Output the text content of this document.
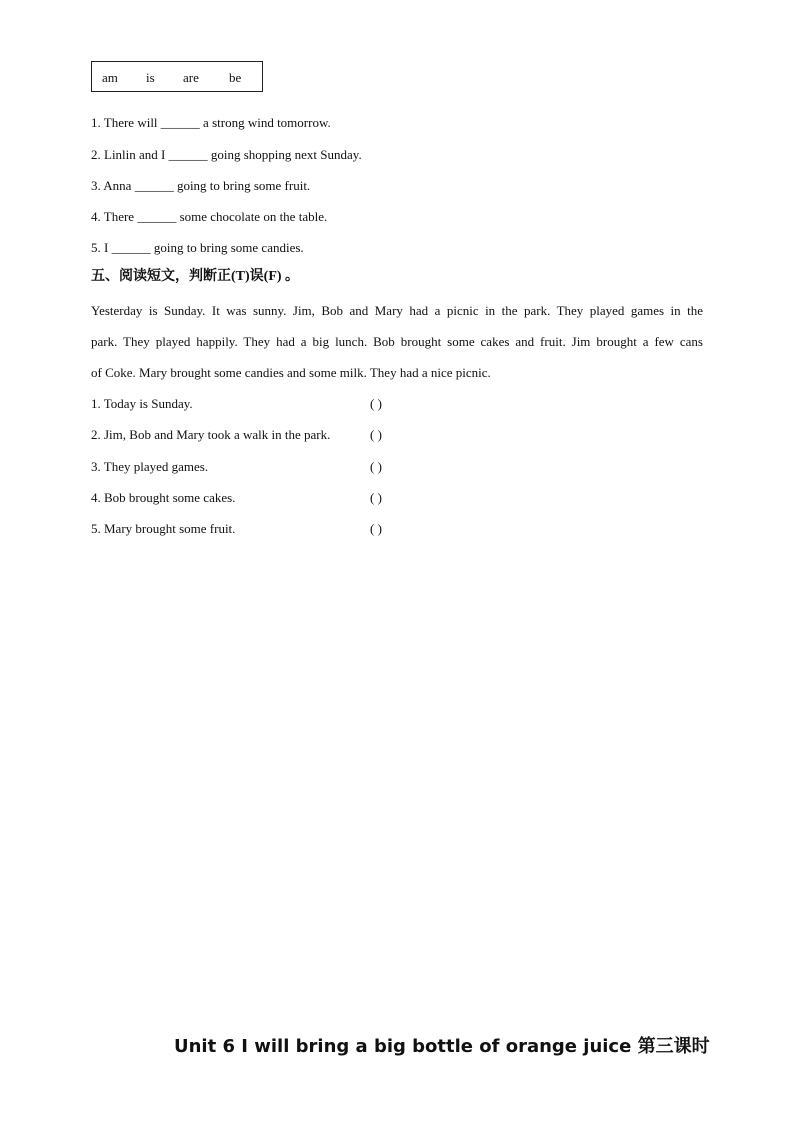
am is are be
1. There will ______ a strong wind tomorrow.
2. Linlin and I ______ going shopping next Sunday.
3. Anna ______ going to bring some fruit.
4. There ______ some chocolate on the table.
5. I ______ going to bring some candies.
五、阅读短文，判断正(T)误(F) 。
Yesterday is Sunday. It was sunny. Jim, Bob and Mary had a picnic in the park. They played games in the
park. They played happily. They had a big lunch. Bob brought some cakes and fruit. Jim brought a few cans
of Coke. Mary brought some candies and some milk. They had a nice picnic.
1. Today is Sunday.	( )
2. Jim, Bob and Mary took a walk in the park.	( )
3. They played games.	( )
4. Bob brought some cakes.	( )
5. Mary brought some fruit.	( )
Unit 6 I will bring a big bottle of orange juice 第三课时
